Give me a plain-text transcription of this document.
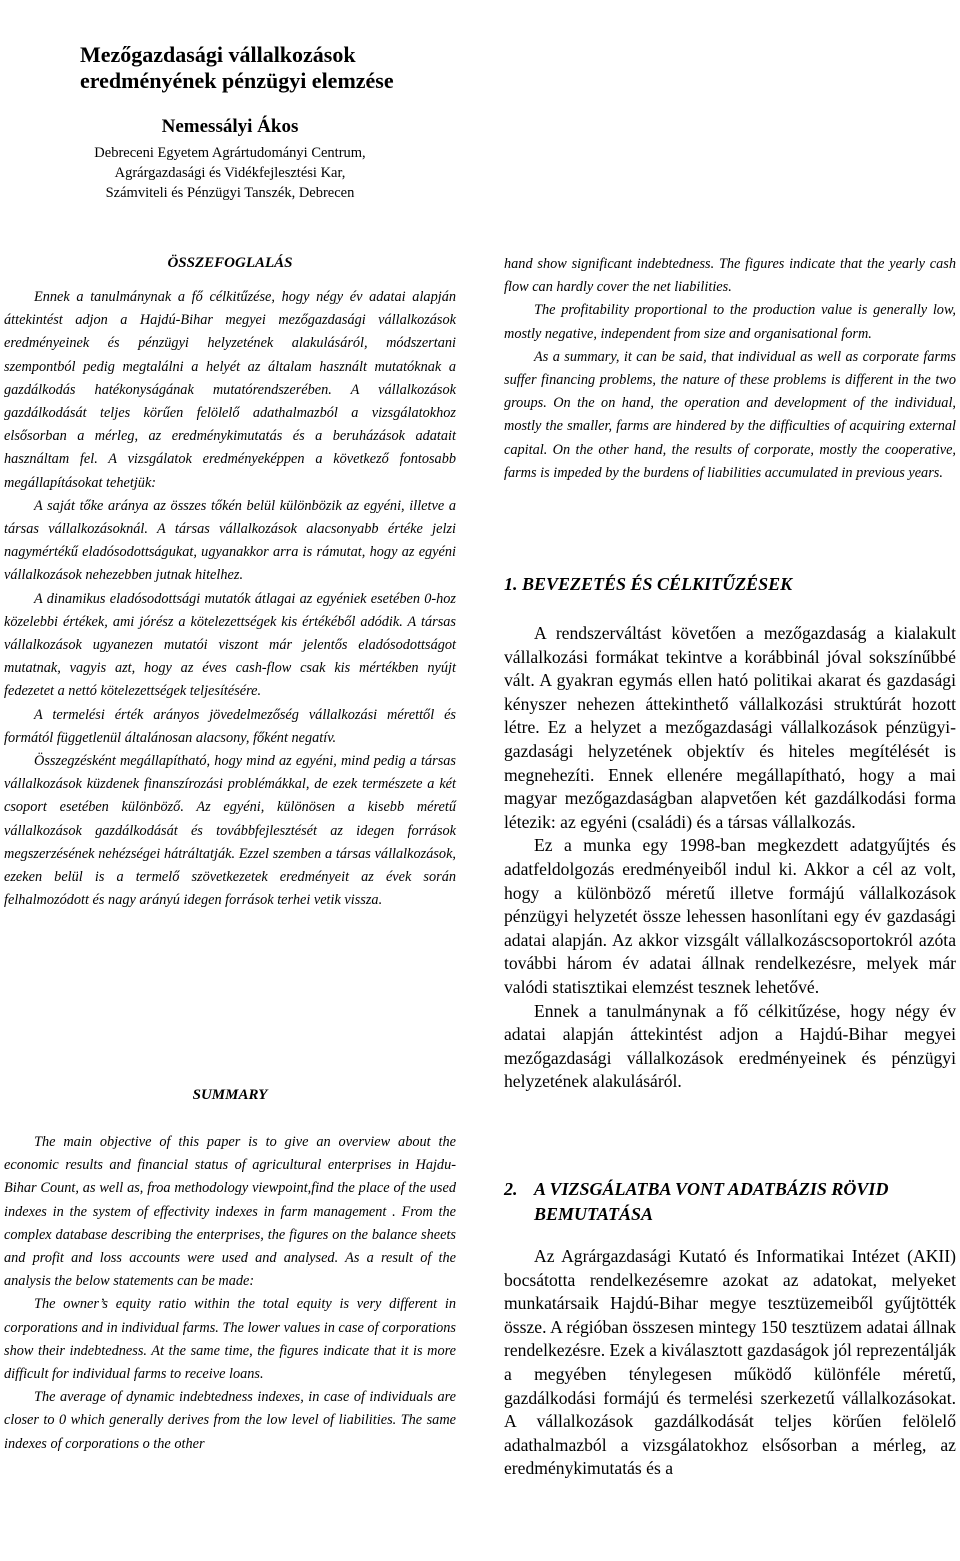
Mezőgazdasági vállalkozások eredményének pénzügyi elemzése
Nemessályi Ákos
Debreceni Egyetem Agrártudományi Centrum,
Agrárgazdasági és Vidékfejlesztési Kar,
Számviteli és Pénzügyi Tanszék, Debrecen
ÖSSZEFOGLALÁS

Ennek a tanulmánynak a fő célkitűzése, hogy négy év adatai alapján áttekintést adjon a Hajdú-Bihar megyei mezőgazdasági vállalkozások eredményeinek és pénzügyi helyzetének alakulásáról, módszertani szempontból pedig megtalálni a helyét az általam használt mutatóknak a gazdálkodás hatékonyságának mutatórendszerében. A vállalkozások gazdálkodását teljes körűen felölelő adathalmazból a vizsgálatokhoz elsősorban a mérleg, az eredménykimutatás és a beruházások adatait használtam fel. A vizsgálatok eredményeképpen a következő fontosabb megállapításokat tehetjük:

A saját tőke aránya az összes tőkén belül különbözik az egyéni, illetve a társas vállalkozásoknál. A társas vállalkozások alacsonyabb értéke jelzi nagymértékű eladósodottságukat, ugyanakkor arra is rámutat, hogy az egyéni vállalkozások nehezebben jutnak hitelhez.

A dinamikus eladósodottsági mutatók átlagai az egyéniek esetében 0-hoz közelebbi értékek, ami jórész a kötelezettségek kis értékéből adódik. A társas vállalkozások ugyanezen mutatói viszont már jelentős eladósodottságot mutatnak, vagyis azt, hogy az éves cash-flow csak kis mértékben nyújt fedezetet a nettó kötelezettségek teljesítésére.

A termelési érték arányos jövedelmezőség vállalkozási mérettől és formától függetlenül általánosan alacsony, főként negatív.

Összegzésként megállapítható, hogy mind az egyéni, mind pedig a társas vállalkozások küzdenek finanszírozási problémákkal, de ezek természete a két csoport esetében különböző. Az egyéni, különösen a kisebb méretű vállalkozások gazdálkodását és továbbfejlesztését az idegen források megszerzésének nehézségei hátráltatják. Ezzel szemben a társas vállalkozások, ezeken belül is a termelő szövetkezetek eredményeit az évek során felhalmozódott és nagy arányú idegen források terhei vetik vissza.

SUMMARY

The main objective of this paper is to give an overview about the economic results and financial status of agricultural enterprises in Hajdu-Bihar Count, as well as, froa methodology viewpoint,find the place of the used indexes in the system of effectivity indexes in farm management . From the complex database describing the enterprises, the figures on the balance sheets and profit and loss accounts were used and analysed. As a result of the analysis the below statements can be made:

The owner’s equity ratio within the total equity is very different in corporations and in individual farms. The lower values in case of corporations show their indebtedness. At the same time, the figures indicate that it is more difficult for individual farms to receive loans.

The average of dynamic indebtedness indexes, in case of individuals are closer to 0 which generally derives from the low level of liabilities. The same indexes of corporations o the other

hand show significant indebtedness. The figures indicate that the yearly cash flow can hardly cover the net liabilities.

The profitability proportional to the production value is generally low, mostly negative, independent from size and organisational form.

As a summary, it can be said, that individual as well as corporate farms suffer financing problems, the nature of these problems is different in the two groups. On the on hand, the operation and development of the individual, mostly the smaller, farms are hindered by the difficulties of acquiring external capital. On the other hand, the results of corporate, mostly the cooperative, farms is impeded by the burdens of liabilities accumulated in previous years.

1. BEVEZETÉS ÉS CÉLKITŰZÉSEK

A rendszerváltást követően a mezőgazdaság a kialakult vállalkozási formákat tekintve a korábbinál jóval sokszínűbbé vált. A gyakran egymás ellen ható politikai akarat és gazdasági kényszer nehezen áttekinthető vállalkozási struktúrát hozott létre. Ez a helyzet a mezőgazdasági vállalkozások pénzügyi-gazdasági helyzetének objektív és hiteles megítélését is megnehezíti. Ennek ellenére megállapítható, hogy a mai magyar mezőgazdaságban alapvetően két gazdálkodási forma létezik: az egyéni (családi) és a társas vállalkozás.

Ez a munka egy 1998-ban megkezdett adatgyűjtés és adatfeldolgozás eredményeiből indul ki. Akkor a cél az volt, hogy a különböző méretű illetve formájú vállalkozások pénzügyi helyzetét össze lehessen hasonlítani egy év gazdasági adatai alapján. Az akkor vizsgált vállalkozáscsoportokról azóta további három év adatai állnak rendelkezésre, melyek már valódi statisztikai elemzést tesznek lehetővé.

Ennek a tanulmánynak a fő célkitűzése, hogy négy év adatai alapján áttekintést adjon a Hajdú-Bihar megyei mezőgazdasági vállalkozások eredményeinek és pénzügyi helyzetének alakulásáról.

2. A VIZSGÁLATBA VONT ADATBÁZIS RÖVID BEMUTATÁSA

Az Agrárgazdasági Kutató és Informatikai Intézet (AKII) bocsátotta rendelkezésemre azokat az adatokat, melyeket munkatársaik Hajdú-Bihar megye tesztüzemeiből gyűjtötték össze. A régióban összesen mintegy 150 tesztüzem adatai állnak rendelkezésre. Ezek a kiválasztott gazdaságok jól reprezentálják a megyében ténylegesen működő különféle méretű, gazdálkodási formájú és termelési szerkezetű vállalkozásokat. A vállalkozások gazdálkodását teljes körűen felölelő adathalmazból a vizsgálatokhoz elsősorban a mérleg, az eredménykimutatás és a
